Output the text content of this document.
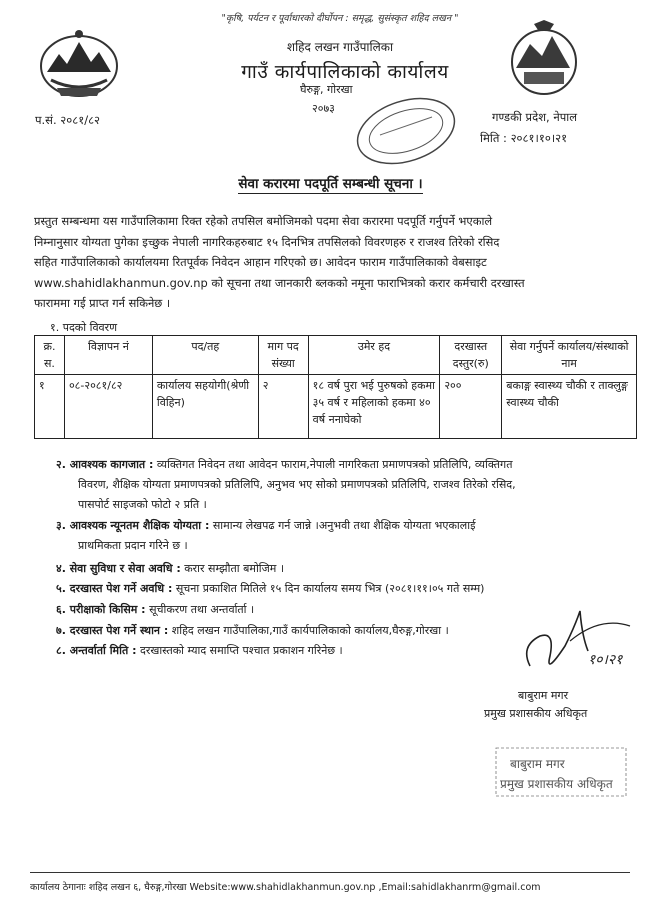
"कृषि, पर्यटन र पूर्वाधारको दीर्घोपन : समृद्ध, सुसंस्कृत शहिद लखन "
शहिद लखन गाउँपालिका
गाउँ कार्यपालिकाको कार्यालय
घैरुङ्ग, गोरखा
२०७३
प.सं. २०८१/८२	गण्डकी प्रदेश, नेपाल
मिति : २०८१।१०।२१
सेवा करारमा पदपूर्ति सम्बन्धी सूचना ।
प्रस्तुत सम्बन्धमा यस गाउँपालिकामा रिक्त रहेको तपसिल बमोजिमको पदमा सेवा करारमा पदपूर्ति गर्नुपर्ने भएकाले
निम्नानुसार योग्यता पुगेका इच्छुक नेपाली नागरिकहरुबाट १५ दिनभित्र तपसिलको विवरणहरु र राजश्व तिरेको रसिद
सहित गाउँपालिकाको कार्यालयमा रितपूर्वक निवेदन आहान गरिएको छ। आवेदन फाराम गाउँपालिकाको वेबसाइट
www.shahidlakhanmun.gov.np को सूचना तथा जानकारी ब्लकको नमूना फाराभित्रको करार कर्मचारी दरखास्त
फाराममा गई प्राप्त गर्न सकिनेछ ।
१. पदको विवरण
क्र. स.	विज्ञापन नं	पद/तह	माग पद संख्या	उमेर हद	दरखास्त दस्तुर(रु)	सेवा गर्नुपर्ने कार्यालय/संस्थाको नाम
१	०८-२०८१/८२	कार्यालय सहयोगी(श्रेणी विहिन)	२	१८ वर्ष पुरा भई पुरुषको हकमा ३५ वर्ष र महिलाको हकमा ४० वर्ष ननाघेको	२००	बकाङ्ग स्वास्थ्य चौकी र ताक्लुङ्ग स्वास्थ्य चौकी
२. आवश्यक कागजात : व्यक्तिगत निवेदन तथा आवेदन फाराम,नेपाली नागरिकता प्रमाणपत्रको प्रतिलिपि, व्यक्तिगत
विवरण, शैक्षिक योग्यता प्रमाणपत्रको प्रतिलिपि, अनुभव भए सोको प्रमाणपत्रको प्रतिलिपि, राजश्व तिरेको रसिद,
पासपोर्ट साइजको फोटो २ प्रति ।
३. आवश्यक न्यूनतम शैक्षिक योग्यता : सामान्य लेखपढ गर्न जान्ने ।अनुभवी तथा शैक्षिक योग्यता भएकालाई
प्राथमिकता प्रदान गरिने छ ।
४. सेवा सुविधा र सेवा अवधि : करार सम्झौता बमोजिम ।
५. दरखास्त पेश गर्ने अवधि : सूचना प्रकाशित मितिले १५ दिन कार्यालय समय भित्र (२०८१।११।०५ गते सम्म)
६. परीक्षाको किसिम : सूचीकरण तथा अन्तर्वार्ता ।
७. दरखास्त पेश गर्ने स्थान : शहिद लखन गाउँपालिका,गाउँ कार्यपालिकाको कार्यालय,घैरुङ्ग,गोरखा ।
८. अन्तर्वार्ता मिति : दरखास्तको म्याद समाप्ति पश्चात प्रकाशन गरिनेछ ।
१०।२१
बाबुराम मगर
प्रमुख प्रशासकीय अधिकृत
बाबुराम मगर
प्रमुख प्रशासकीय अधिकृत
कार्यालय ठेगानाः शहिद लखन ६, घैरुङ्ग,गोरखा Website:www.shahidlakhanmun.gov.np ,Email:sahidlakhanrm@gmail.com
